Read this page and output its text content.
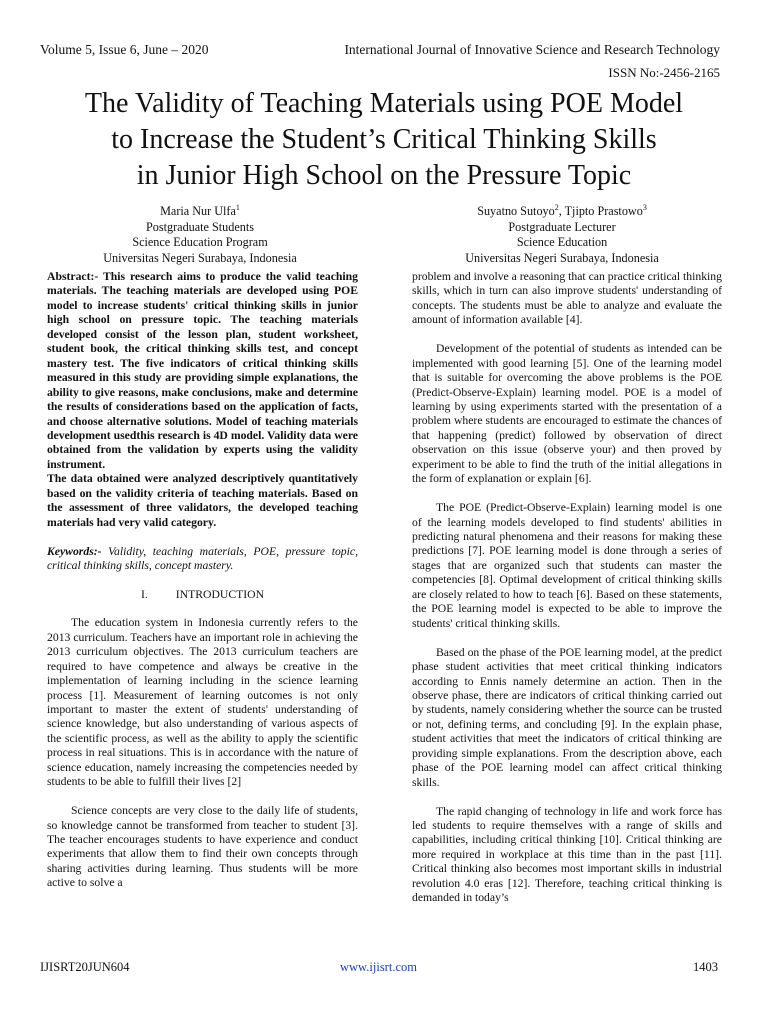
Volume 5, Issue 6, June – 2020	International Journal of Innovative Science and Research Technology
ISSN No:-2456-2165
The Validity of Teaching Materials using POE Model
to Increase the Student’s Critical Thinking Skills
in Junior High School on the Pressure Topic
Maria Nur Ulfa$^1$
Postgraduate Students
Science Education Program
Universitas Negeri Surabaya, Indonesia
Suyatno Sutoyo$^2$, Tjipto Prastowo$^3$
Postgraduate Lecturer
Science Education
Universitas Negeri Surabaya, Indonesia

Abstract:- This research aims to produce the valid teaching materials. The teaching materials are developed using POE model to increase students' critical thinking skills in junior high school on pressure topic. The teaching materials developed consist of the lesson plan, student worksheet, student book, the critical thinking skills test, and concept mastery test. The five indicators of critical thinking skills measured in this study are providing simple explanations, the ability to give reasons, make conclusions, make and determine the results of considerations based on the application of facts, and choose alternative solutions. Model of teaching materials development usedthis research is 4D model. Validity data were obtained from the validation by experts using the validity instrument.

The data obtained were analyzed descriptively quantitatively based on the validity criteria of teaching materials. Based on the assessment of three validators, the developed teaching materials had very valid category.

Keywords:- Validity, teaching materials, POE, pressure topic, critical thinking skills, concept mastery.

I. INTRODUCTION

The education system in Indonesia currently refers to the 2013 curriculum. Teachers have an important role in achieving the 2013 curriculum objectives. The 2013 curriculum teachers are required to have competence and always be creative in the implementation of learning including in the science learning process [1]. Measurement of learning outcomes is not only important to master the extent of students' understanding of science knowledge, but also understanding of various aspects of the scientific process, as well as the ability to apply the scientific process in real situations. This is in accordance with the nature of science education, namely increasing the competencies needed by students to be able to fulfill their lives [2]

Science concepts are very close to the daily life of students, so knowledge cannot be transformed from teacher to student [3]. The teacher encourages students to have experience and conduct experiments that allow them to find their own concepts through sharing activities during learning. Thus students will be more active to solve a

problem and involve a reasoning that can practice critical thinking skills, which in turn can also improve students' understanding of concepts. The students must be able to analyze and evaluate the amount of information available [4].

Development of the potential of students as intended can be implemented with good learning [5]. One of the learning model that is suitable for overcoming the above problems is the POE (Predict-Observe-Explain) learning model. POE is a model of learning by using experiments started with the presentation of a problem where students are encouraged to estimate the chances of that happening (predict) followed by observation of direct observation on this issue (observe your) and then proved by experiment to be able to find the truth of the initial allegations in the form of explanation or explain [6].

The POE (Predict-Observe-Explain) learning model is one of the learning models developed to find students' abilities in predicting natural phenomena and their reasons for making these predictions [7]. POE learning model is done through a series of stages that are organized such that students can master the competencies [8]. Optimal development of critical thinking skills are closely related to how to teach [6]. Based on these statements, the POE learning model is expected to be able to improve the students' critical thinking skills.

Based on the phase of the POE learning model, at the predict phase student activities that meet critical thinking indicators according to Ennis namely determine an action. Then in the observe phase, there are indicators of critical thinking carried out by students, namely considering whether the source can be trusted or not, defining terms, and concluding [9]. In the explain phase, student activities that meet the indicators of critical thinking are providing simple explanations. From the description above, each phase of the POE learning model can affect critical thinking skills.

The rapid changing of technology in life and work force has led students to require themselves with a range of skills and capabilities, including critical thinking [10]. Critical thinking are more required in workplace at this time than in the past [11]. Critical thinking also becomes most important skills in industrial revolution 4.0 eras [12]. Therefore, teaching critical thinking is demanded in today’s

IJISRT20JUN604	www.ijisrt.com	1403
